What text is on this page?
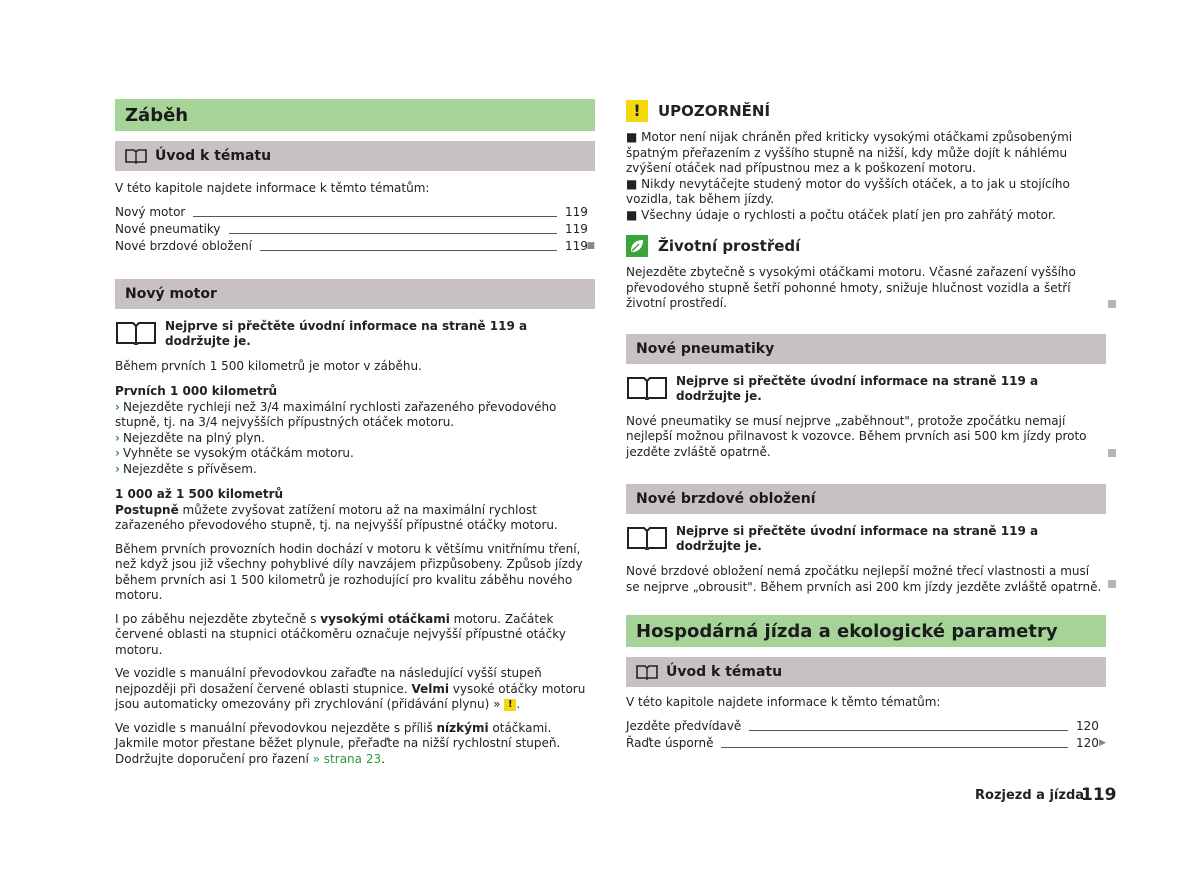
Záběh
Úvod k tématu

V této kapitole najdete informace k těmto tématům:

Nový motor	119
Nové pneumatiky	119
Nové brzdové obložení	119
■
Nový motor
Nejprve si přečtěte úvodní informace na straně 119 a dodržujte je.

Během prvních 1 500 kilometrů je motor v záběhu.

Prvních 1 000 kilometrů

› Nejezděte rychleji než 3/4 maximální rychlosti zařazeného převodového stupně, tj. na 3/4 nejvyšších přípustných otáček motoru.

› Nejezděte na plný plyn.

› Vyhněte se vysokým otáčkám motoru.

› Nejezděte s přívěsem.

1 000 až 1 500 kilometrů

Postupně můžete zvyšovat zatížení motoru až na maximální rychlost zařazeného převodového stupně, tj. na nejvyšší přípustné otáčky motoru.

Během prvních provozních hodin dochází v motoru k většímu vnitřnímu tření, než když jsou již všechny pohyblivé díly navzájem přizpůsobeny. Způsob jízdy během prvních asi 1 500 kilometrů je rozhodující pro kvalitu záběhu nového motoru.

I po záběhu nejezděte zbytečně s vysokými otáčkami motoru. Začátek červené oblasti na stupnici otáčkoměru označuje nejvyšší přípustné otáčky motoru.

Ve vozidle s manuální převodovkou zařaďte na následující vyšší stupeň nejpozději při dosažení červené oblasti stupnice. Velmi vysoké otáčky motoru jsou automaticky omezovány při zrychlování (přidávání plynu) » ! .

Ve vozidle s manuální převodovkou nejezděte s příliš nízkými otáčkami. Jakmile motor přestane běžet plynule, přeřaďte na nižší rychlostní stupeň. Dodržujte doporučení pro řazení » strana 23.

!	UPOZORNĚNÍ

■ Motor není nijak chráněn před kriticky vysokými otáčkami způsobenými špatným přeřazením z vyššího stupně na nižší, kdy může dojít k náhlému zvýšení otáček nad přípustnou mez a k poškození motoru.

■ Nikdy nevytáčejte studený motor do vyšších otáček, a to jak u stojícího vozidla, tak během jízdy.

■ Všechny údaje o rychlosti a počtu otáček platí jen pro zahřátý motor.

Životní prostředí

Nejezděte zbytečně s vysokými otáčkami motoru. Včasné zařazení vyššího převodového stupně šetří pohonné hmoty, snižuje hlučnost vozidla a šetří životní prostředí.

Nové pneumatiky
Nejprve si přečtěte úvodní informace na straně 119 a dodržujte je.

Nové pneumatiky se musí nejprve „zaběhnout", protože zpočátku nemají nejlepší možnou přilnavost k vozovce. Během prvních asi 500 km jízdy proto jezděte zvláště opatrně.

Nové brzdové obložení
Nejprve si přečtěte úvodní informace na straně 119 a dodržujte je.

Nové brzdové obložení nemá zpočátku nejlepší možné třecí vlastnosti a musí se nejprve „obrousit". Během prvních asi 200 km jízdy jezděte zvláště opatrně.

Hospodárná jízda a ekologické parametry
Úvod k tématu

V této kapitole najdete informace k těmto tématům:

Jezděte předvídavě	120
Řaďte úsporně	120 ▶
Rozjezd a jízda
119
